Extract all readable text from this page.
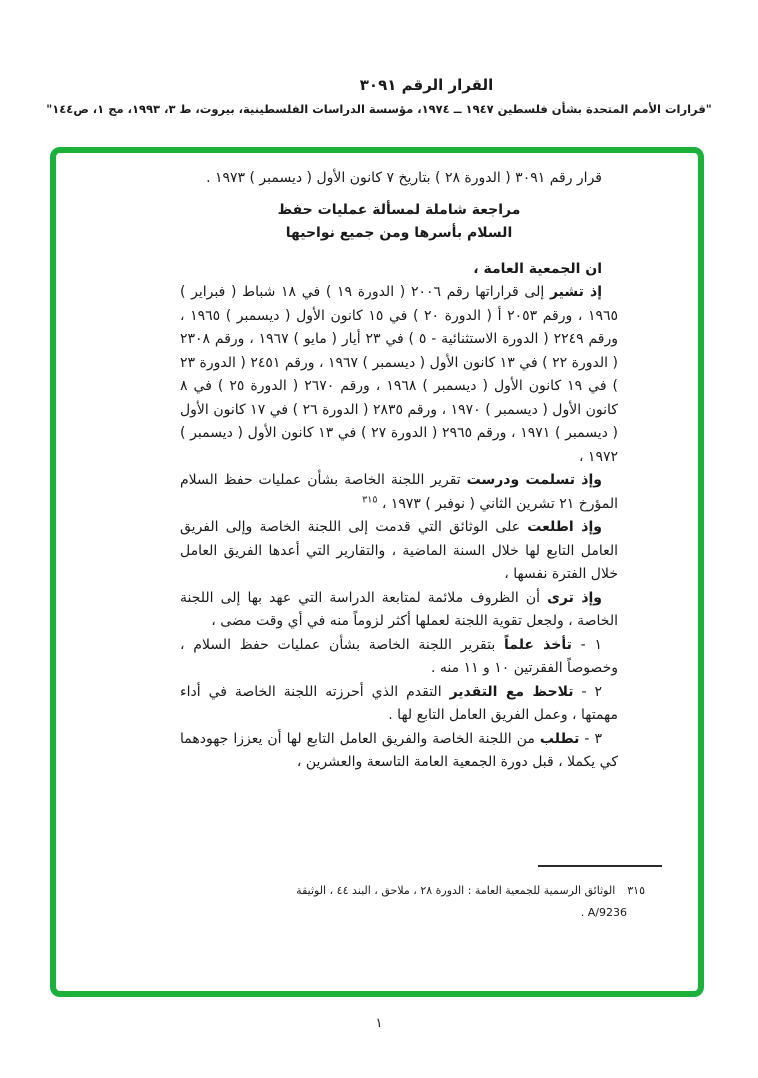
القرار الرقم ٣٠٩١
"قرارات الأمم المتحدة بشأن فلسطين ١٩٤٧ ــ ١٩٧٤، مؤسسة الدراسات الفلسطينية، بيروت، ط ٣، ١٩٩٣، مج ١، ص١٤٤"

قرار رقم ٣٠٩١ ( الدورة ٢٨ ) بتاريخ ٧ كانون الأول ( ديسمبر ) ١٩٧٣ .

مراجعة شاملة لمسألة عمليات حفظ
السلام بأسرها ومن جميع نواحيها

ان الجمعية العامة ،

إذ تشير إلى قراراتها رقم ٢٠٠٦ ( الدورة ١٩ ) في ١٨ شباط ( فبراير ) ١٩٦٥ ، ورقم ٢٠٥٣ أ ( الدورة ٢٠ ) في ١٥ كانون الأول ( ديسمبر ) ١٩٦٥ ، ورقم ٢٢٤٩ ( الدورة الاستثنائية - ٥ ) في ٢٣ أيار ( مايو ) ١٩٦٧ ، ورقم ٢٣٠٨ ( الدورة ٢٢ ) في ١٣ كانون الأول ( ديسمبر ) ١٩٦٧ ، ورقم ٢٤٥١ ( الدورة ٢٣ ) في ١٩ كانون الأول ( ديسمبر ) ١٩٦٨ ، ورقم ٢٦٧٠ ( الدورة ٢٥ ) في ٨ كانون الأول ( ديسمبر ) ١٩٧٠ ، ورقم ٢٨٣٥ ( الدورة ٢٦ ) في ١٧ كانون الأول ( ديسمبر ) ١٩٧١ ، ورقم ٢٩٦٥ ( الدورة ٢٧ ) في ١٣ كانون الأول ( ديسمبر ) ١٩٧٢ ،

وإذ تسلمت ودرست تقرير اللجنة الخاصة بشأن عمليات حفظ السلام المؤرخ ٢١ تشرين الثاني ( نوفبر ) ١٩٧٣ ، $^{٣١٥}$

وإذ اطلعت على الوثائق التي قدمت إلى اللجنة الخاصة وإلى الفريق العامل التابع لها خلال السنة الماضية ، والتقارير التي أعدها الفريق العامل خلال الفترة نفسها ،

وإذ ترى أن الظروف ملائمة لمتابعة الدراسة التي عهد بها إلى اللجنة الخاصة ، ولجعل تقوية اللجنة لعملها أكثر لزوماً منه في أي وقت مضى ،

١ - تأخذ علماً بتقرير اللجنة الخاصة بشأن عمليات حفظ السلام ، وخصوصاً الفقرتين ١٠ و ١١ منه .

٢ - تلاحظ مع التقدير التقدم الذي أحرزته اللجنة الخاصة في أداء مهمتها ، وعمل الفريق العامل التابع لها .

٣ - تطلب من اللجنة الخاصة والفريق العامل التابع لها أن يعززا جهودهما كي يكملا ، قبل دورة الجمعية العامة التاسعة والعشرين ،

٣١٥الوثائق الرسمية للجمعية العامة : الدورة ٢٨ ، ملاحق ، البند ٤٤ ، الوثيقة
A/9236 .
١
